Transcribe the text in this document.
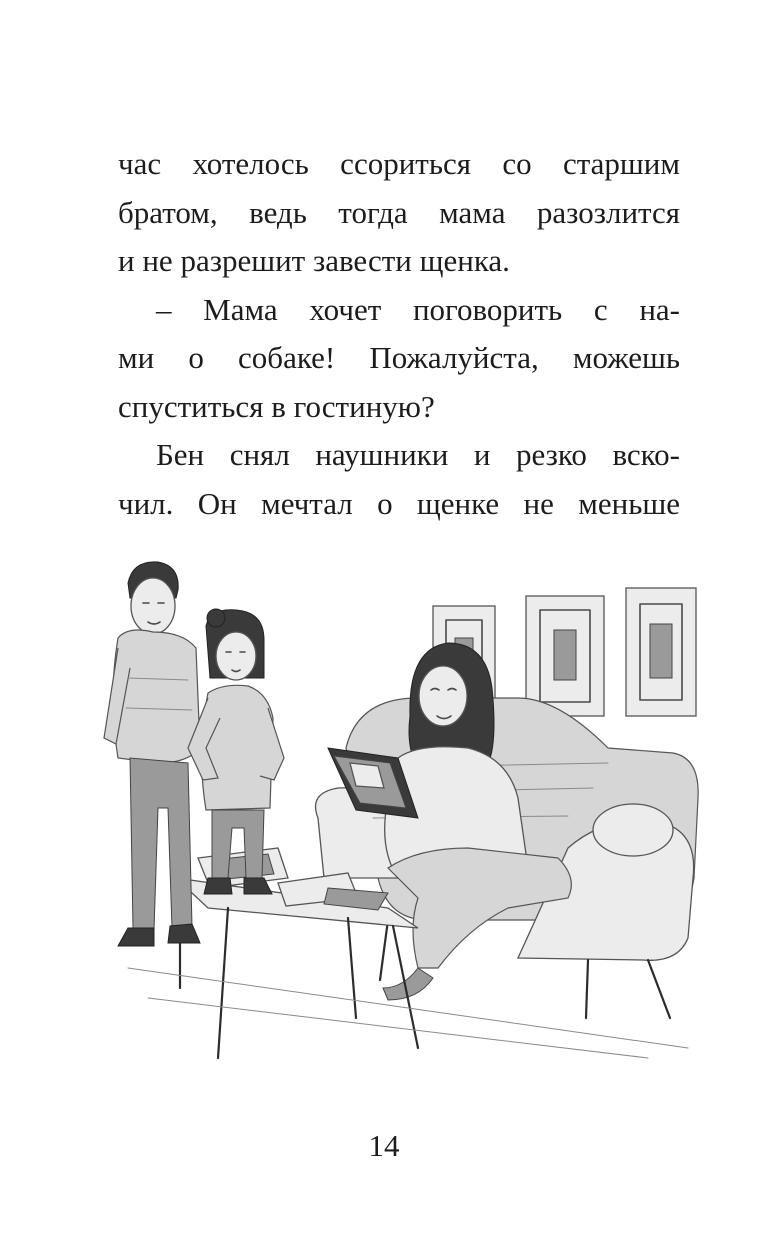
час хотелось ссориться со старшим
братом, ведь тогда мама разозлится
и не разрешит завести щенка.
– Мама хочет поговорить с на-
ми о собаке! Пожалуйста, можешь
спуститься в гостиную?
Бен снял наушники и резко вско-
чил. Он мечтал о щенке не меньше
14
